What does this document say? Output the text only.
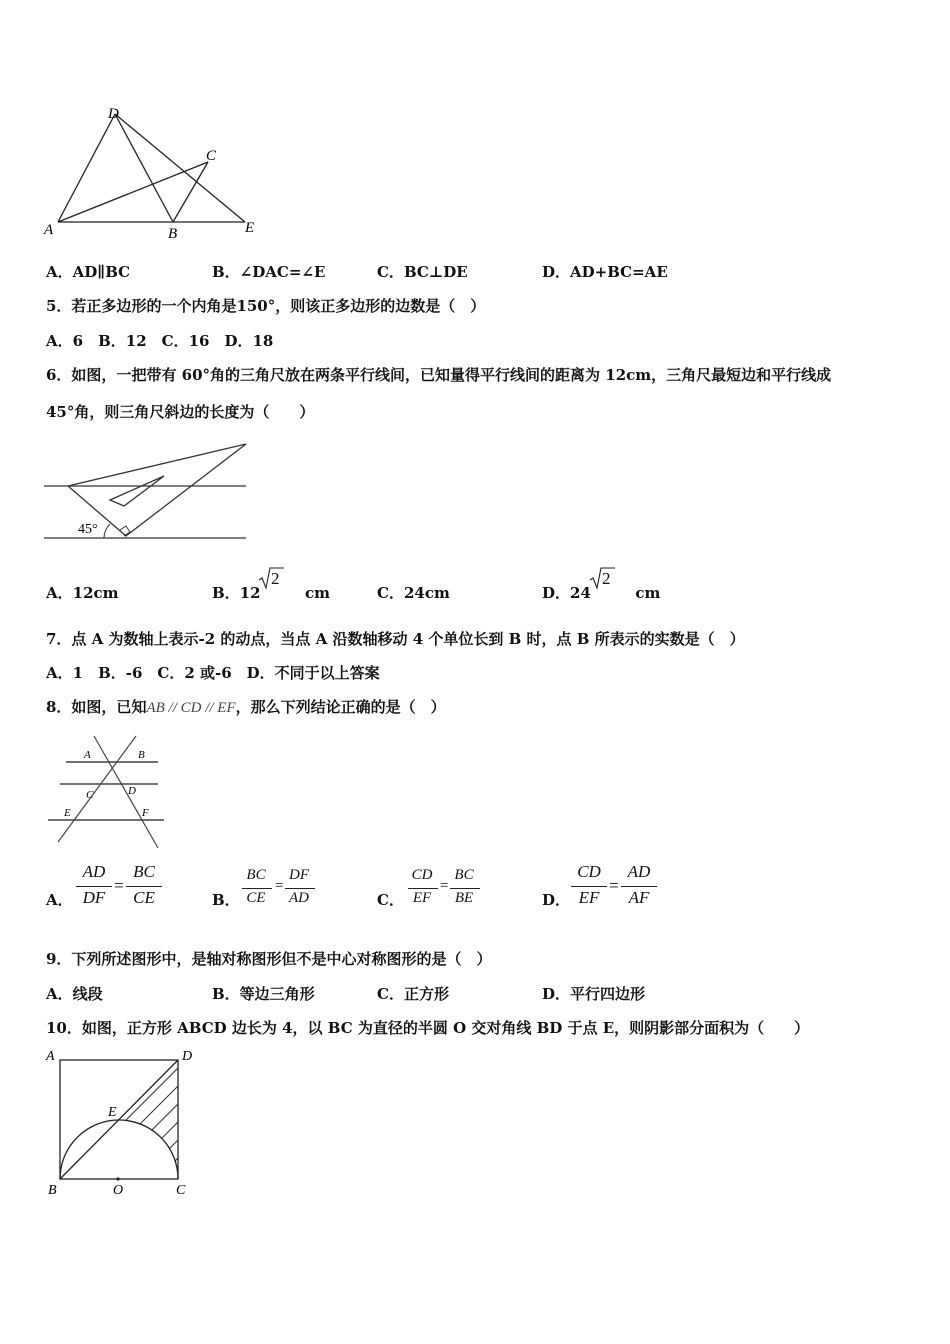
D
C
A	B	E
A．AD∥BC	B．∠DAC=∠E	C．BC⊥DE	D．AD+BC=AE
5．若正多边形的一个内角是150°，则该正多边形的边数是（　）
A．6　B．12　C．16　D．18
6．如图，一把带有 60°角的三角尺放在两条平行线间，已知量得平行线间的距离为 12cm，三角尺最短边和平行线成
45°角，则三角尺斜边的长度为（　　）
45°
A．12cm	B．12	cm
2
C．24cm	D．24	cm
2
7．点 A 为数轴上表示-2 的动点，当点 A 沿数轴移动 4 个单位长到 B 时，点 B 所表示的实数是（　）
A．1　B．-6　C．2 或-6　D．不同于以上答案
8．如图，已知AB // CD // EF，那么下列结论正确的是（　）
A	B
C	D
E	F
A．
AD
DF
=
BC
CE	B．
BC
CE
=
DF
AD	C．
CD
EF
=
BC
BE	D．
CD
EF
=
AD
AF
9．下列所述图形中，是轴对称图形但不是中心对称图形的是（　）
A．线段	B．等边三角形	C．正方形	D．平行四边形
10．如图，正方形 ABCD 边长为 4，以 BC 为直径的半圆 O 交对角线 BD 于点 E，则阴影部分面积为（　　）
A	D
E
B	O	C
